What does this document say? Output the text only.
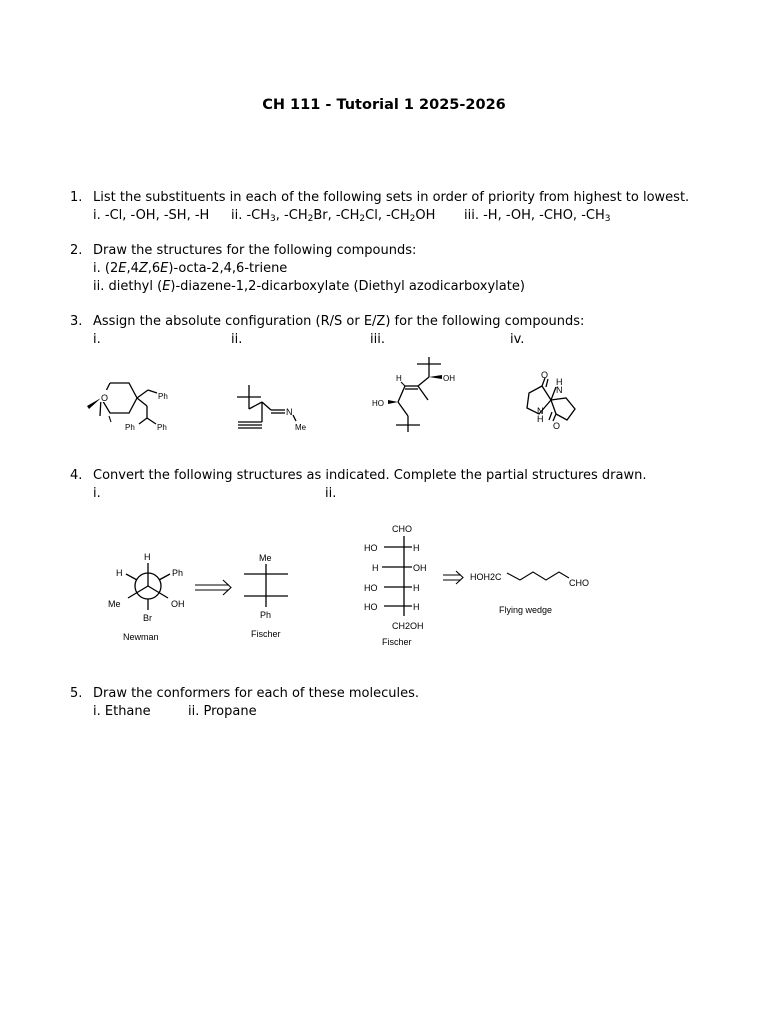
CH 111 - Tutorial 1 2025-2026
1. List the substituents in each of the following sets in order of priority from highest to lowest.
i. -Cl, -OH, -SH, -H ii. -CH3, -CH2Br, -CH2Cl, -CH2OH iii. -H, -OH, -CHO, -CH3
2. Draw the structures for the following compounds:
i. (2E,4Z,6E)-octa-2,4,6-triene
ii. diethyl (E)-diazene-1,2-dicarboxylate (Diethyl azodicarboxylate)
3. Assign the absolute configuration (R/S or E/Z) for the following compounds:
i.	ii.	iii.	iv.
4. Convert the following structures as indicated. Complete the partial structures drawn.
i.	ii.
5. Draw the conformers for each of these molecules.
i. Ethane	ii. Propane
O	Ph
Ph	Ph
N
Me
H	OH
HO
O
O
H
N
N
H
H
H	Ph
Me	OH
Br
Newman
Me
Ph
Fischer
CHO
HO	H
H	OH
HO	H
HO	H
CH2OH
Fischer
HOH2C
CHO
Flying wedge
